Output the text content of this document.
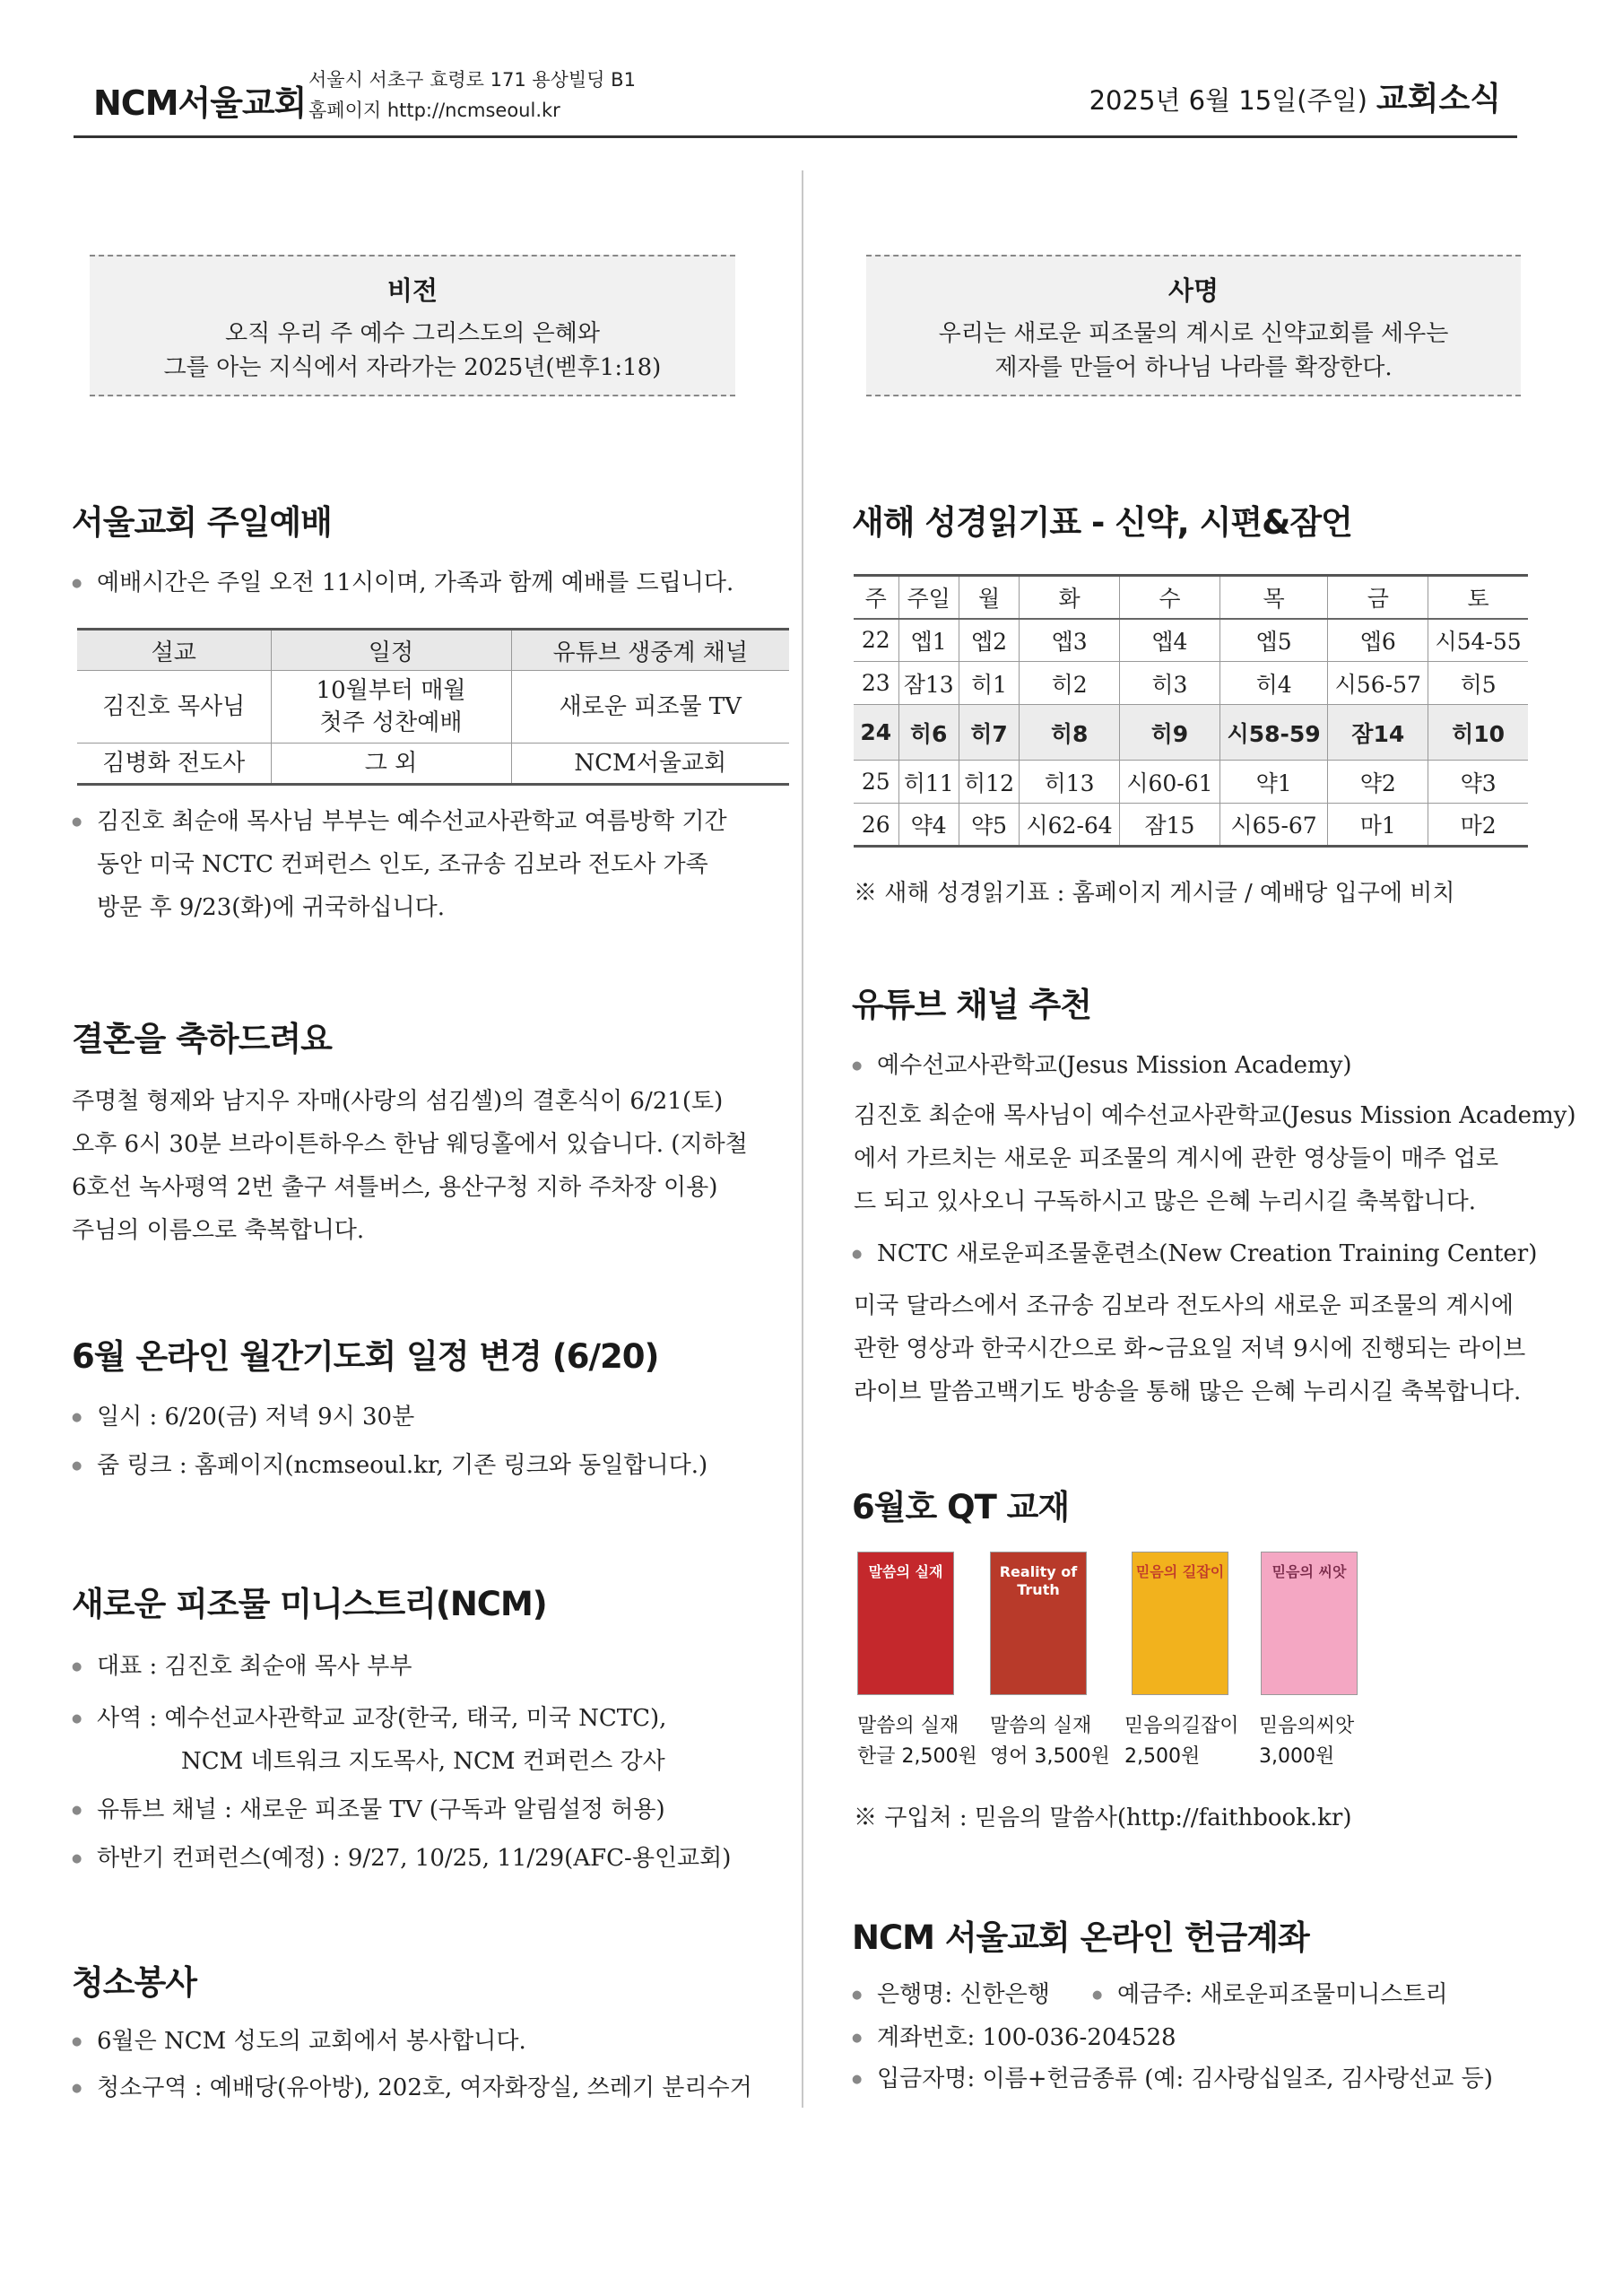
NCM서울교회
서울시 서초구 효령로 171 용상빌딩 B1
홈페이지 http://ncmseoul.kr	2025년 6월 15일(주일) 교회소식
비전
오직 우리 주 예수 그리스도의 은혜와
그를 아는 지식에서 자라가는 2025년(벧후1:18)
사명
우리는 새로운 피조물의 계시로 신약교회를 세우는
제자를 만들어 하나님 나라를 확장한다.
서울교회 주일예배
● 예배시간은 주일 오전 11시이며, 가족과 함께 예배를 드립니다.
설교	일정	유튜브 생중계 채널
김진호 목사님	10월부터 매월
첫주 성찬예배	새로운 피조물 TV
김병화 전도사	그 외	NCM서울교회
● 김진호 최순애 목사님 부부는 예수선교사관학교 여름방학 기간
동안 미국 NCTC 컨퍼런스 인도, 조규송 김보라 전도사 가족
방문 후 9/23(화)에 귀국하십니다.
결혼을 축하드려요
주명철 형제와 남지우 자매(사랑의 섬김셀)의 결혼식이 6/21(토)
오후 6시 30분 브라이튼하우스 한남 웨딩홀에서 있습니다. (지하철
6호선 녹사평역 2번 출구 셔틀버스, 용산구청 지하 주차장 이용)
주님의 이름으로 축복합니다.
6월 온라인 월간기도회 일정 변경 (6/20)
● 일시 : 6/20(금) 저녁 9시 30분
● 줌 링크 : 홈페이지(ncmseoul.kr, 기존 링크와 동일합니다.)
새로운 피조물 미니스트리(NCM)
● 대표 : 김진호 최순애 목사 부부
● 사역 : 예수선교사관학교 교장(한국, 태국, 미국 NCTC),
NCM 네트워크 지도목사, NCM 컨퍼런스 강사
● 유튜브 채널 : 새로운 피조물 TV (구독과 알림설정 허용)
● 하반기 컨퍼런스(예정) : 9/27, 10/25, 11/29(AFC-용인교회)
청소봉사
● 6월은 NCM 성도의 교회에서 봉사합니다.
● 청소구역 : 예배당(유아방), 202호, 여자화장실, 쓰레기 분리수거
새해 성경읽기표 - 신약, 시편&잠언
주	주일	월	화	수	목	금	토
22	엡1	엡2	엡3	엡4	엡5	엡6	시54-55
23	잠13	히1	히2	히3	히4	시56-57	히5
24	히6	히7	히8	히9	시58-59	잠14	히10
25	히11	히12	히13	시60-61	약1	약2	약3
26	약4	약5	시62-64	잠15	시65-67	마1	마2
※ 새해 성경읽기표 : 홈페이지 게시글 / 예배당 입구에 비치
유튜브 채널 추천
● 예수선교사관학교(Jesus Mission Academy)
김진호 최순애 목사님이 예수선교사관학교(Jesus Mission Academy)
에서 가르치는 새로운 피조물의 계시에 관한 영상들이 매주 업로
드 되고 있사오니 구독하시고 많은 은혜 누리시길 축복합니다.
● NCTC 새로운피조물훈련소(New Creation Training Center)
미국 달라스에서 조규송 김보라 전도사의 새로운 피조물의 계시에
관한 영상과 한국시간으로 화~금요일 저녁 9시에 진행되는 라이브
라이브 말씀고백기도 방송을 통해 많은 은혜 누리시길 축복합니다.
6월호 QT 교재
말씀의 실재	Reality of Truth
믿음의 길잡이	믿음의 씨앗
말씀의 실재
한글 2,500원
말씀의 실재
영어 3,500원
믿음의길잡이
2,500원
믿음의씨앗
3,000원
※ 구입처 : 믿음의 말씀사(http://faithbook.kr)
NCM 서울교회 온라인 헌금계좌
● 은행명: 신한은행	● 예금주: 새로운피조물미니스트리
● 계좌번호: 100-036-204528
● 입금자명: 이름+헌금종류 (예: 김사랑십일조, 김사랑선교 등)
